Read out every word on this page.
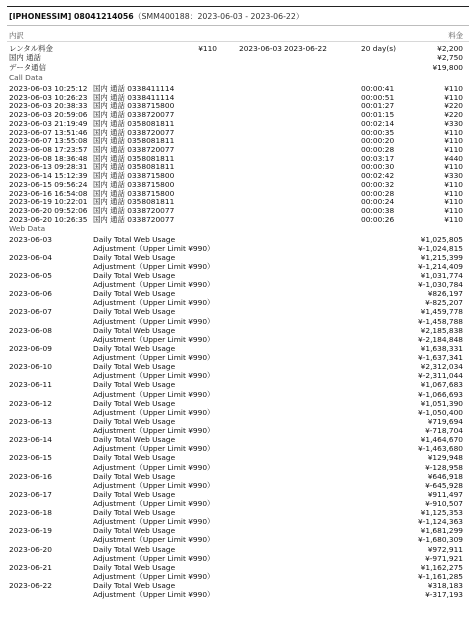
[IPHONESSIM] 08041214056（SMM400188：2023-06-03 - 2023-06-22）
内訳	料金
レンタル料金	¥110	2023-06-03 2023-06-22	20 day(s)	¥2,200
国内 通話	¥2,750
データ通信	¥19,800
Call Data
2023-06-03 10:25:12 国内 通話 0338411114	00:00:41	¥110
2023-06-03 10:26:23 国内 通話 0338411114	00:00:51	¥110
2023-06-03 20:38:33 国内 通話 0338715800	00:01:27	¥220
2023-06-03 20:59:06 国内 通話 0338720077	00:01:15	¥220
2023-06-03 21:19:49 国内 通話 0358081811	00:02:14	¥330
2023-06-07 13:51:46 国内 通話 0338720077	00:00:35	¥110
2023-06-07 13:55:08 国内 通話 0358081811	00:00:20	¥110
2023-06-08 17:23:57 国内 通話 0338720077	00:00:28	¥110
2023-06-08 18:36:48 国内 通話 0358081811	00:03:17	¥440
2023-06-13 09:28:31 国内 通話 0358081811	00:00:30	¥110
2023-06-14 15:12:39 国内 通話 0338715800	00:02:42	¥330
2023-06-15 09:56:24 国内 通話 0338715800	00:00:32	¥110
2023-06-16 16:54:08 国内 通話 0338715800	00:00:28	¥110
2023-06-19 10:22:01 国内 通話 0358081811	00:00:24	¥110
2023-06-20 09:52:06 国内 通話 0338720077	00:00:38	¥110
2023-06-20 10:26:35 国内 通話 0338720077	00:00:26	¥110
Web Data
2023-06-03	Daily Total Web Usage	¥1,025,805
Adjustment（Upper Limit ¥990）	¥-1,024,815
2023-06-04	Daily Total Web Usage	¥1,215,399
Adjustment（Upper Limit ¥990）	¥-1,214,409
2023-06-05	Daily Total Web Usage	¥1,031,774
Adjustment（Upper Limit ¥990）	¥-1,030,784
2023-06-06	Daily Total Web Usage	¥826,197
Adjustment（Upper Limit ¥990）	¥-825,207
2023-06-07	Daily Total Web Usage	¥1,459,778
Adjustment（Upper Limit ¥990）	¥-1,458,788
2023-06-08	Daily Total Web Usage	¥2,185,838
Adjustment（Upper Limit ¥990）	¥-2,184,848
2023-06-09	Daily Total Web Usage	¥1,638,331
Adjustment（Upper Limit ¥990）	¥-1,637,341
2023-06-10	Daily Total Web Usage	¥2,312,034
Adjustment（Upper Limit ¥990）	¥-2,311,044
2023-06-11	Daily Total Web Usage	¥1,067,683
Adjustment（Upper Limit ¥990）	¥-1,066,693
2023-06-12	Daily Total Web Usage	¥1,051,390
Adjustment（Upper Limit ¥990）	¥-1,050,400
2023-06-13	Daily Total Web Usage	¥719,694
Adjustment（Upper Limit ¥990）	¥-718,704
2023-06-14	Daily Total Web Usage	¥1,464,670
Adjustment（Upper Limit ¥990）	¥-1,463,680
2023-06-15	Daily Total Web Usage	¥129,948
Adjustment（Upper Limit ¥990）	¥-128,958
2023-06-16	Daily Total Web Usage	¥646,918
Adjustment（Upper Limit ¥990）	¥-645,928
2023-06-17	Daily Total Web Usage	¥911,497
Adjustment（Upper Limit ¥990）	¥-910,507
2023-06-18	Daily Total Web Usage	¥1,125,353
Adjustment（Upper Limit ¥990）	¥-1,124,363
2023-06-19	Daily Total Web Usage	¥1,681,299
Adjustment（Upper Limit ¥990）	¥-1,680,309
2023-06-20	Daily Total Web Usage	¥972,911
Adjustment（Upper Limit ¥990）	¥-971,921
2023-06-21	Daily Total Web Usage	¥1,162,275
Adjustment（Upper Limit ¥990）	¥-1,161,285
2023-06-22	Daily Total Web Usage	¥318,183
Adjustment（Upper Limit ¥990）	¥-317,193
